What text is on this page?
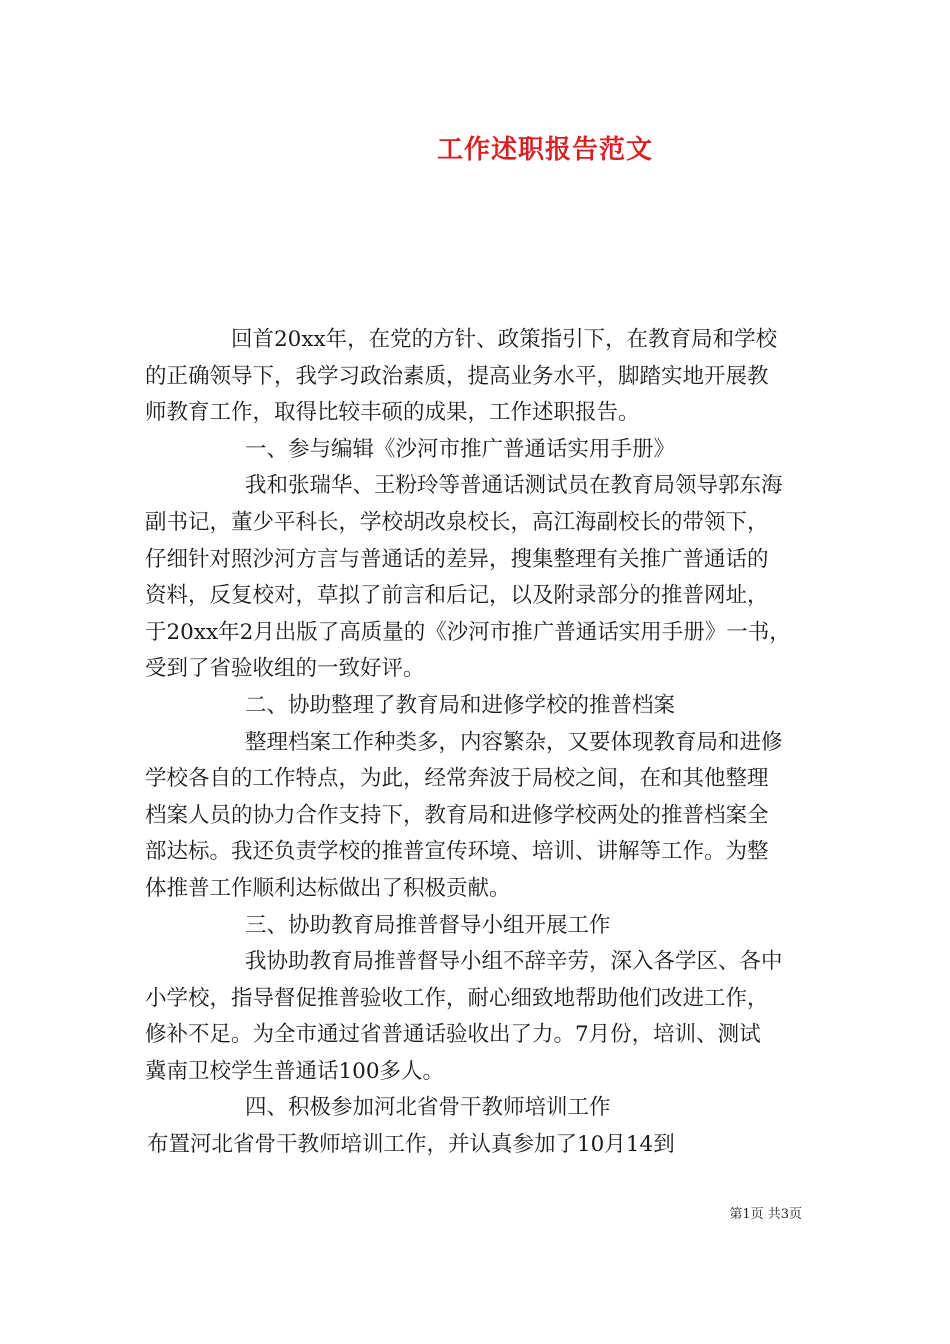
工作述职报告范文
回首20xx年，在党的方针、政策指引下，在教育局和学校
的正确领导下，我学习政治素质，提高业务水平，脚踏实地开展教
师教育工作，取得比较丰硕的成果，工作述职报告。
一、参与编辑《沙河市推广普通话实用手册》
我和张瑞华、王粉玲等普通话测试员在教育局领导郭东海
副书记，董少平科长，学校胡改泉校长，高江海副校长的带领下，
仔细针对照沙河方言与普通话的差异，搜集整理有关推广普通话的
资料，反复校对，草拟了前言和后记，以及附录部分的推普网址，
于20xx年2月出版了高质量的《沙河市推广普通话实用手册》一书，
受到了省验收组的一致好评。
二、协助整理了教育局和进修学校的推普档案
整理档案工作种类多，内容繁杂，又要体现教育局和进修
学校各自的工作特点，为此，经常奔波于局校之间，在和其他整理
档案人员的协力合作支持下，教育局和进修学校两处的推普档案全
部达标。我还负责学校的推普宣传环境、培训、讲解等工作。为整
体推普工作顺利达标做出了积极贡献。
三、协助教育局推普督导小组开展工作
我协助教育局推普督导小组不辞辛劳，深入各学区、各中
小学校，指导督促推普验收工作，耐心细致地帮助他们改进工作，
修补不足。为全市通过省普通话验收出了力。7月份，培训、测试
冀南卫校学生普通话100多人。
四、积极参加河北省骨干教师培训工作
布置河北省骨干教师培训工作，并认真参加了10月14到
第1页 共3页
